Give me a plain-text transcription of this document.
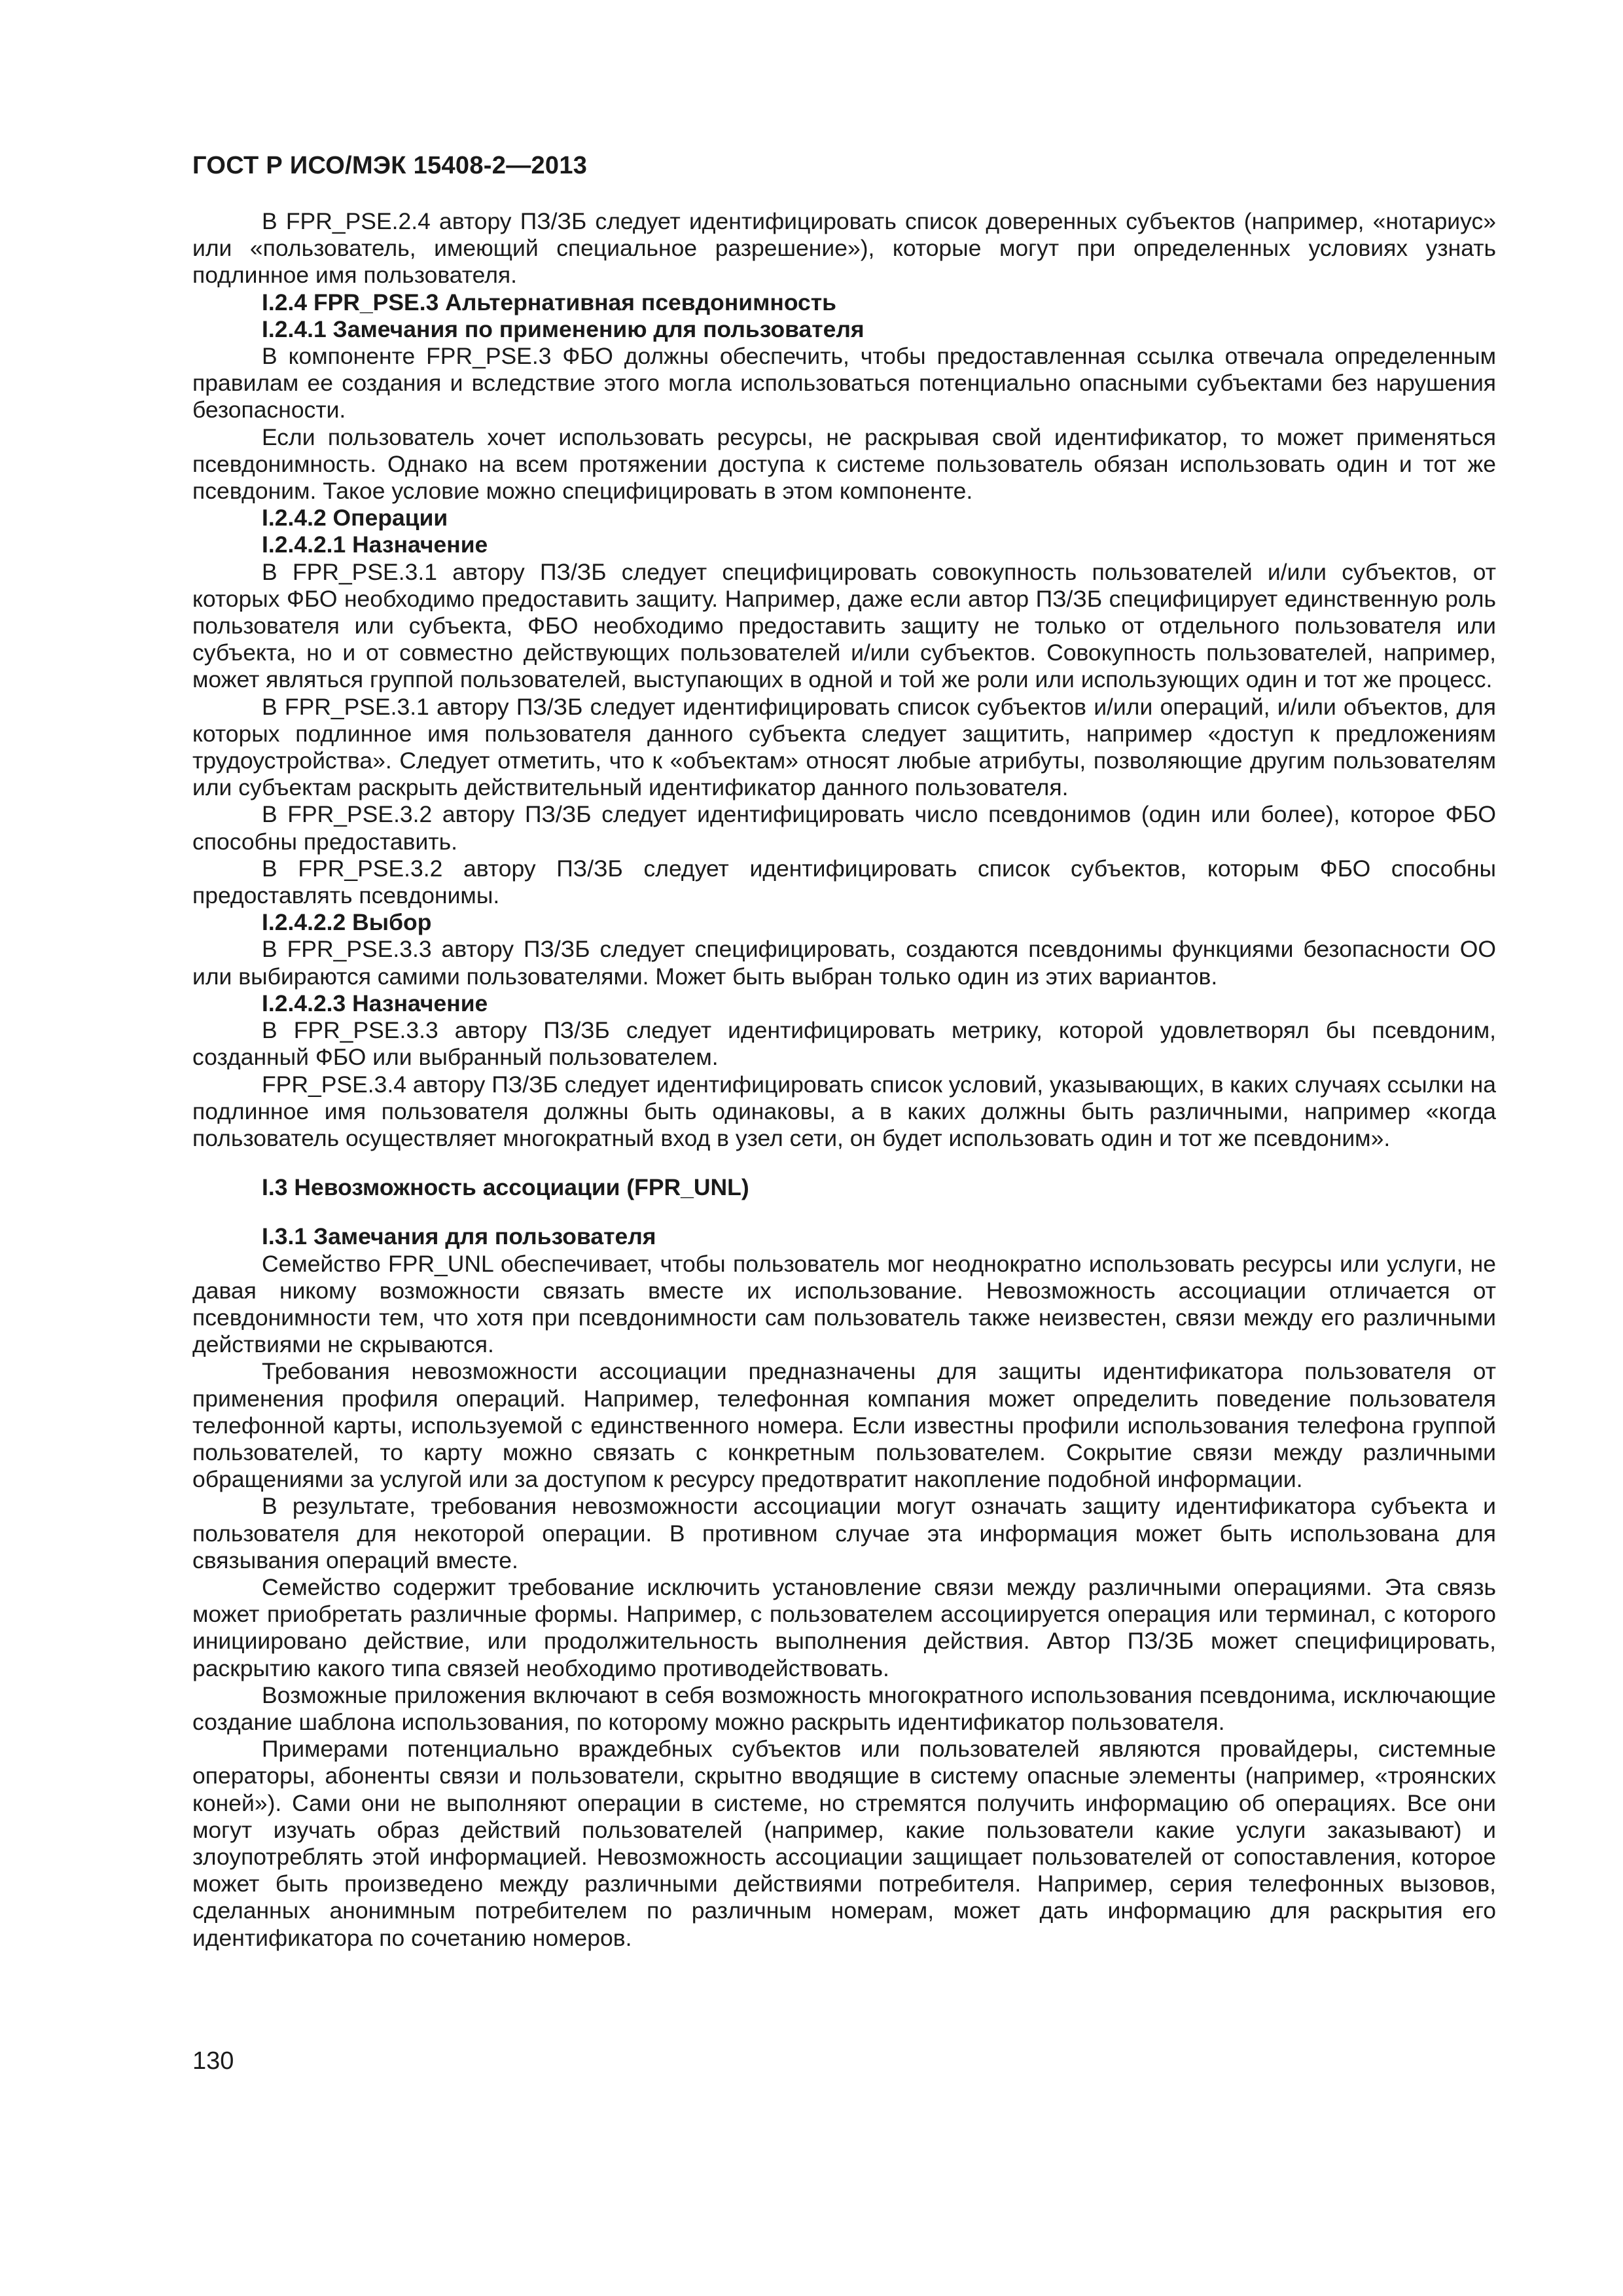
ГОСТ Р ИСО/МЭК 15408-2—2013
В FPR_PSE.2.4 автору ПЗ/ЗБ следует идентифицировать список доверенных субъектов (например, «нотариус» или «пользователь, имеющий специальное разрешение»), которые могут при определенных условиях узнать подлинное имя пользователя.
I.2.4 FPR_PSE.3 Альтернативная псевдонимность
I.2.4.1 Замечания по применению для пользователя
В компоненте FPR_PSE.3 ФБО должны обеспечить, чтобы предоставленная ссылка отвечала определенным правилам ее создания и вследствие этого могла использоваться потенциально опасными субъектами без нарушения безопасности.
Если пользователь хочет использовать ресурсы, не раскрывая свой идентификатор, то может применяться псевдонимность. Однако на всем протяжении доступа к системе пользователь обязан использовать один и тот же псевдоним. Такое условие можно специфицировать в этом компоненте.
I.2.4.2 Операции
I.2.4.2.1 Назначение
В FPR_PSE.3.1 автору ПЗ/ЗБ следует специфицировать совокупность пользователей и/или субъектов, от которых ФБО необходимо предоставить защиту. Например, даже если автор ПЗ/ЗБ специфицирует единственную роль пользователя или субъекта, ФБО необходимо предоставить защиту не только от отдельного пользователя или субъекта, но и от совместно действующих пользователей и/или субъектов. Совокупность пользователей, например, может являться группой пользователей, выступающих в одной и той же роли или использующих один и тот же процесс.
В FPR_PSE.3.1 автору ПЗ/ЗБ следует идентифицировать список субъектов и/или операций, и/или объектов, для которых подлинное имя пользователя данного субъекта следует защитить, например «доступ к предложениям трудоустройства». Следует отметить, что к «объектам» относят любые атрибуты, позволяющие другим пользователям или субъектам раскрыть действительный идентификатор данного пользователя.
В FPR_PSE.3.2 автору ПЗ/ЗБ следует идентифицировать число псевдонимов (один или более), которое ФБО способны предоставить.
В FPR_PSE.3.2 автору ПЗ/ЗБ следует идентифицировать список субъектов, которым ФБО способны предоставлять псевдонимы.
I.2.4.2.2 Выбор
В FPR_PSE.3.3 автору ПЗ/ЗБ следует специфицировать, создаются псевдонимы функциями безопасности ОО или выбираются самими пользователями. Может быть выбран только один из этих вариантов.
I.2.4.2.3 Назначение
В FPR_PSE.3.3 автору ПЗ/ЗБ следует идентифицировать метрику, которой удовлетворял бы псевдоним, созданный ФБО или выбранный пользователем.
FPR_PSE.3.4 автору ПЗ/ЗБ следует идентифицировать список условий, указывающих, в каких случаях ссылки на подлинное имя пользователя должны быть одинаковы, а в каких должны быть различными, например «когда пользователь осуществляет многократный вход в узел сети, он будет использовать один и тот же псевдоним».
I.3 Невозможность ассоциации (FPR_UNL)
I.3.1 Замечания для пользователя
Семейство FPR_UNL обеспечивает, чтобы пользователь мог неоднократно использовать ресурсы или услуги, не давая никому возможности связать вместе их использование. Невозможность ассоциации отличается от псевдонимности тем, что хотя при псевдонимности сам пользователь также неизвестен, связи между его различными действиями не скрываются.
Требования невозможности ассоциации предназначены для защиты идентификатора пользователя от применения профиля операций. Например, телефонная компания может определить поведение пользователя телефонной карты, используемой с единственного номера. Если известны профили использования телефона группой пользователей, то карту можно связать с конкретным пользователем. Сокрытие связи между различными обращениями за услугой или за доступом к ресурсу предотвратит накопление подобной информации.
В результате, требования невозможности ассоциации могут означать защиту идентификатора субъекта и пользователя для некоторой операции. В противном случае эта информация может быть использована для связывания операций вместе.
Семейство содержит требование исключить установление связи между различными операциями. Эта связь может приобретать различные формы. Например, с пользователем ассоциируется операция или терминал, с которого инициировано действие, или продолжительность выполнения действия. Автор ПЗ/ЗБ может специфицировать, раскрытию какого типа связей необходимо противодействовать.
Возможные приложения включают в себя возможность многократного использования псевдонима, исключающие создание шаблона использования, по которому можно раскрыть идентификатор пользователя.
Примерами потенциально враждебных субъектов или пользователей являются провайдеры, системные операторы, абоненты связи и пользователи, скрытно вводящие в систему опасные элементы (например, «троянских коней»). Сами они не выполняют операции в системе, но стремятся получить информацию об операциях. Все они могут изучать образ действий пользователей (например, какие пользователи какие услуги заказывают) и злоупотреблять этой информацией. Невозможность ассоциации защищает пользователей от сопоставления, которое может быть произведено между различными действиями потребителя. Например, серия телефонных вызовов, сделанных анонимным потребителем по различным номерам, может дать информацию для раскрытия его идентификатора по сочетанию номеров.
130
